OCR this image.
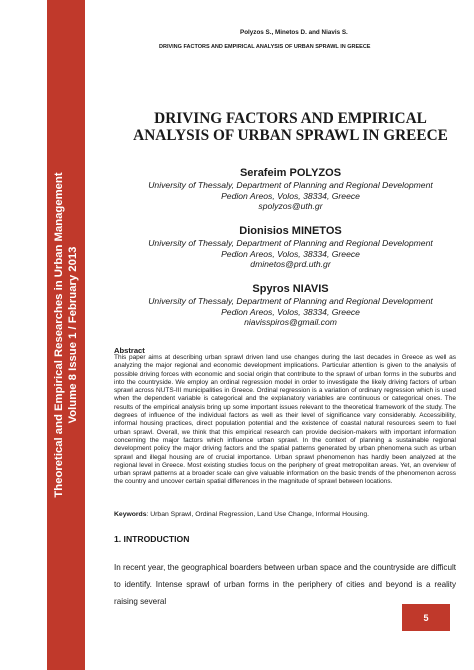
Theoretical and Empirical Researches in Urban Management Volume 8 Issue 1 / February 2013
Polyzos S., Minetos D. and Niavis S.
DRIVING FACTORS AND EMPIRICAL ANALYSIS OF URBAN SPRAWL IN GREECE
DRIVING FACTORS AND EMPIRICAL
ANALYSIS OF URBAN SPRAWL IN GREECE
Serafeim POLYZOS
University of Thessaly, Department of Planning and Regional Development
Pedion Areos, Volos, 38334, Greece
spolyzos@uth.gr
Dionisios MINETOS
University of Thessaly, Department of Planning and Regional Development
Pedion Areos, Volos, 38334, Greece
dminetos@prd.uth.gr
Spyros NIAVIS
University of Thessaly, Department of Planning and Regional Development
Pedion Areos, Volos, 38334, Greece
niavisspiros@gmail.com
Abstract

This paper aims at describing urban sprawl driven land use changes during the last decades in Greece as well as analyzing the major regional and economic development implications. Particular attention is given to the analysis of possible driving forces with economic and social origin that contribute to the sprawl of urban forms in the suburbs and into the countryside. We employ an ordinal regression model in order to investigate the likely driving factors of urban sprawl across NUTS-III municipalities in Greece. Ordinal regression is a variation of ordinary regression which is used when the dependent variable is categorical and the explanatory variables are continuous or categorical ones. The results of the empirical analysis bring up some important issues relevant to the theoretical framework of the study. The degrees of influence of the individual factors as well as their level of significance vary considerably. Accessibility, informal housing practices, direct population potential and the existence of coastal natural resources seem to fuel urban sprawl. Overall, we think that this empirical research can provide decision-makers with important information concerning the major factors which influence urban sprawl. In the context of planning a sustainable regional development policy the major driving factors and the spatial patterns generated by urban phenomena such as urban sprawl and illegal housing are of crucial importance. Urban sprawl phenomenon has hardly been analyzed at the regional level in Greece. Most existing studies focus on the periphery of great metropolitan areas. Yet, an overview of urban sprawl patterns at a broader scale can give valuable information on the basic trends of the phenomenon across the country and uncover certain spatial differences in the magnitude of sprawl between locations.

Keywords: Urban Sprawl, Ordinal Regression, Land Use Change, Informal Housing.
1. INTRODUCTION

In recent year, the geographical boarders between urban space and the countryside are difficult to identify. Intense sprawl of urban forms in the periphery of cities and beyond is a reality raising several

5
